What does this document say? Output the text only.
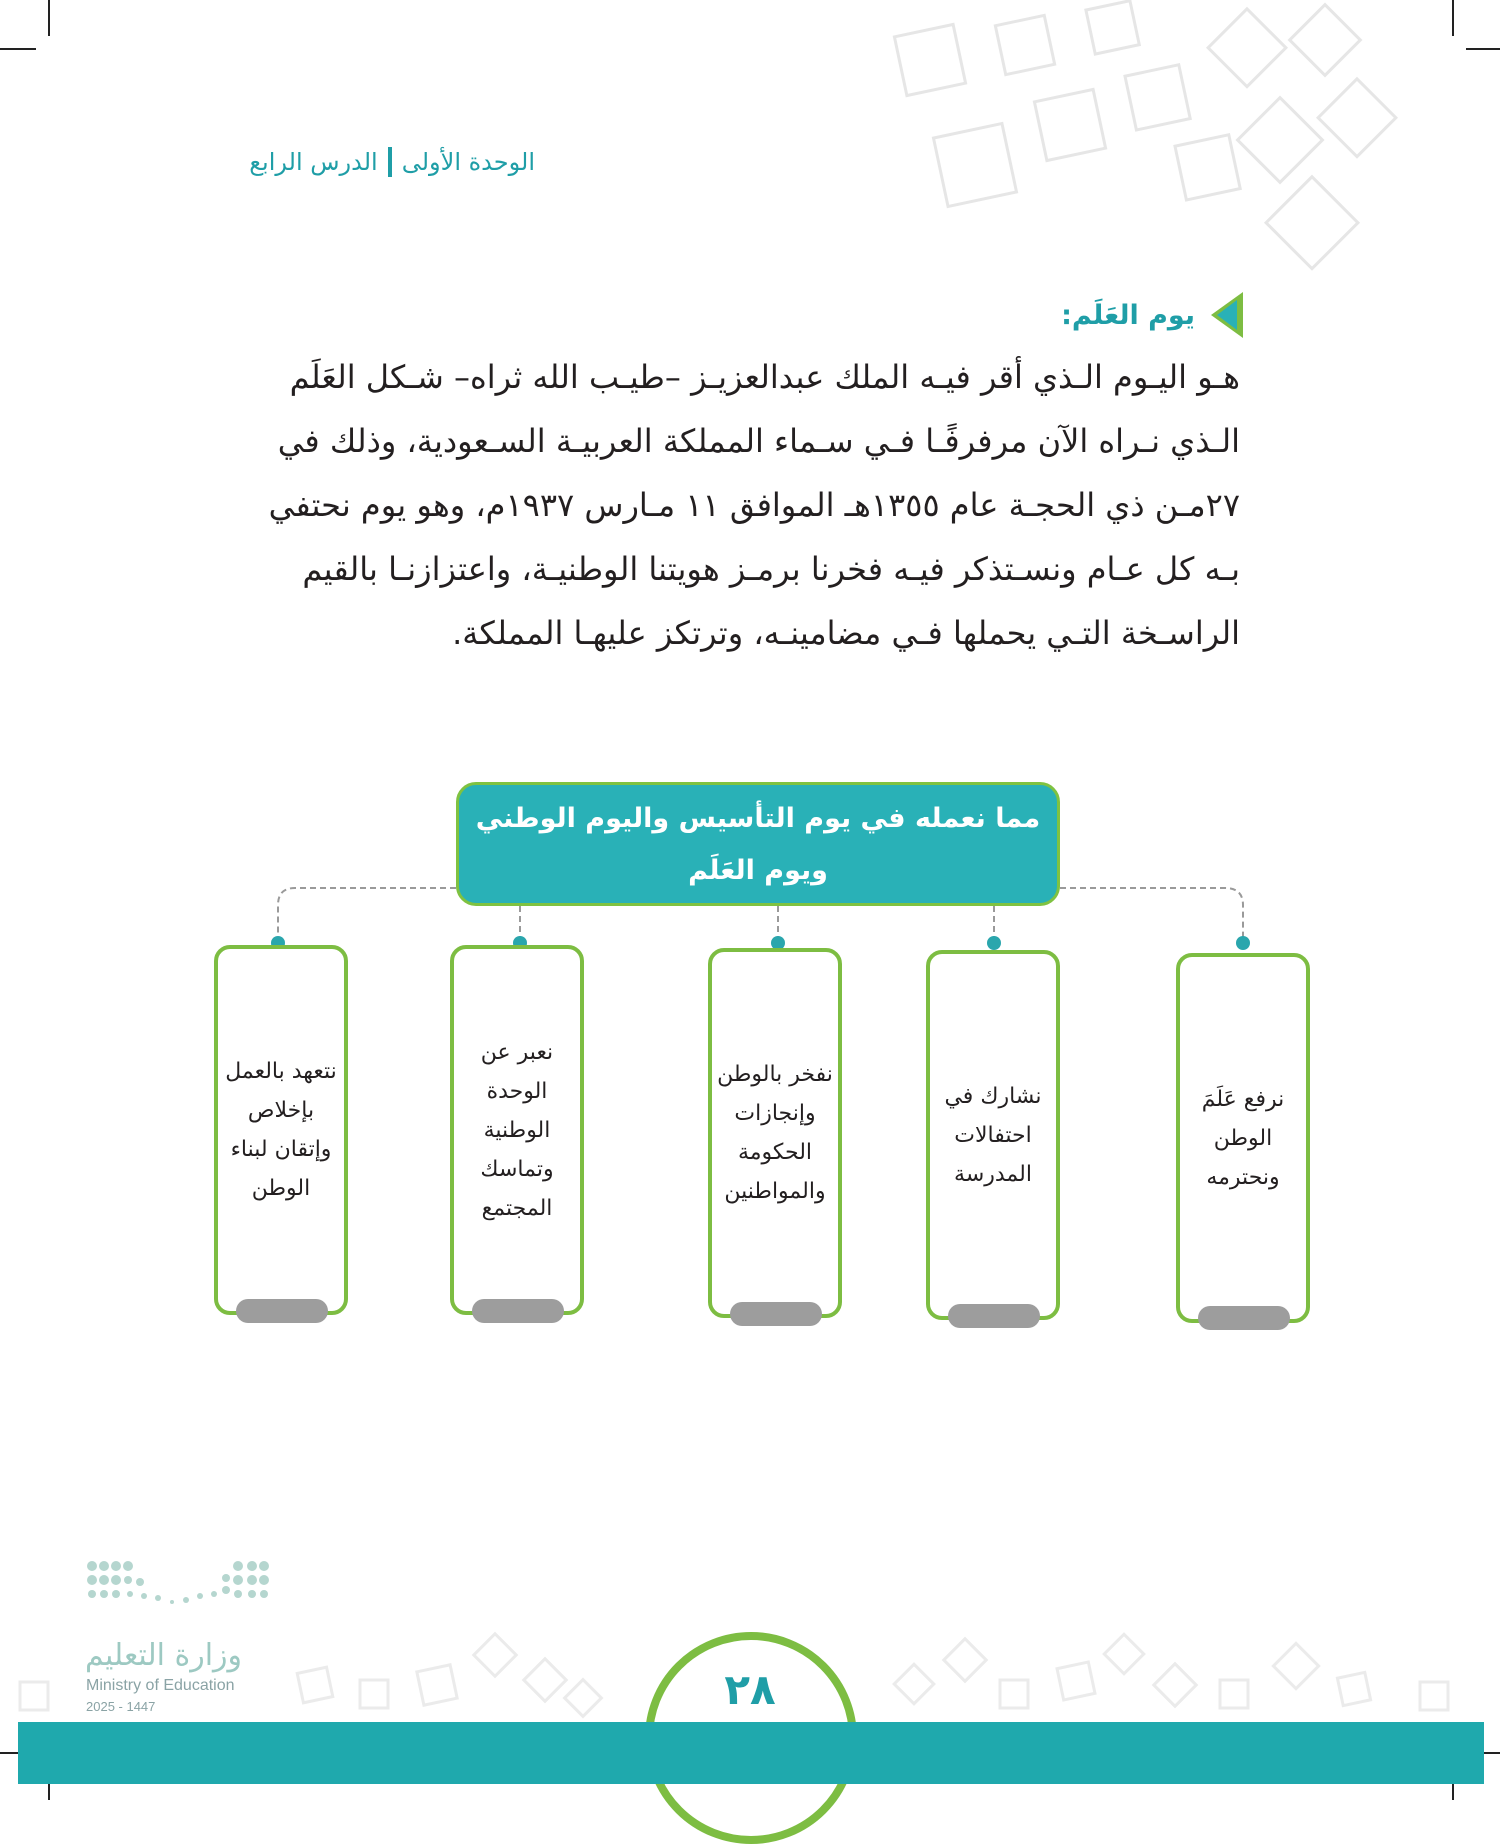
الوحدة الأولى
الدرس الرابع
يوم العَلَم:

هـو اليـوم الـذي أقر فيـه الملك عبدالعزيـز –طيـب الله ثراه– شـكل العَلَم

الـذي نـراه الآن مرفرفًـا فـي سـماء المملكة العربيـة السـعودية، وذلك في

٢٧مـن ذي الحجـة عام ١٣٥٥هـ الموافق ١١ مـارس ١٩٣٧م، وهو يوم نحتفي

بـه كل عـام ونسـتذكر فيـه فخرنا برمـز هويتنا الوطنيـة، واعتزازنـا بالقيم

الراسـخة التـي يحملها فـي مضامينـه، وترتكز عليهـا المملكة.

مما نعمله في يوم التأسيس واليوم الوطني
ويوم العَلَم
نرفع عَلَمَ الوطن ونحترمه
نشارك في احتفالات المدرسة
نفخر بالوطن وإنجازات الحكومة والمواطنين
نعبر عن الوحدة الوطنية وتماسك المجتمع
نتعهد بالعمل بإخلاص وإتقان لبناء الوطن
وزارة التعليم
Ministry of Education
2025 - 1447	٢٨
